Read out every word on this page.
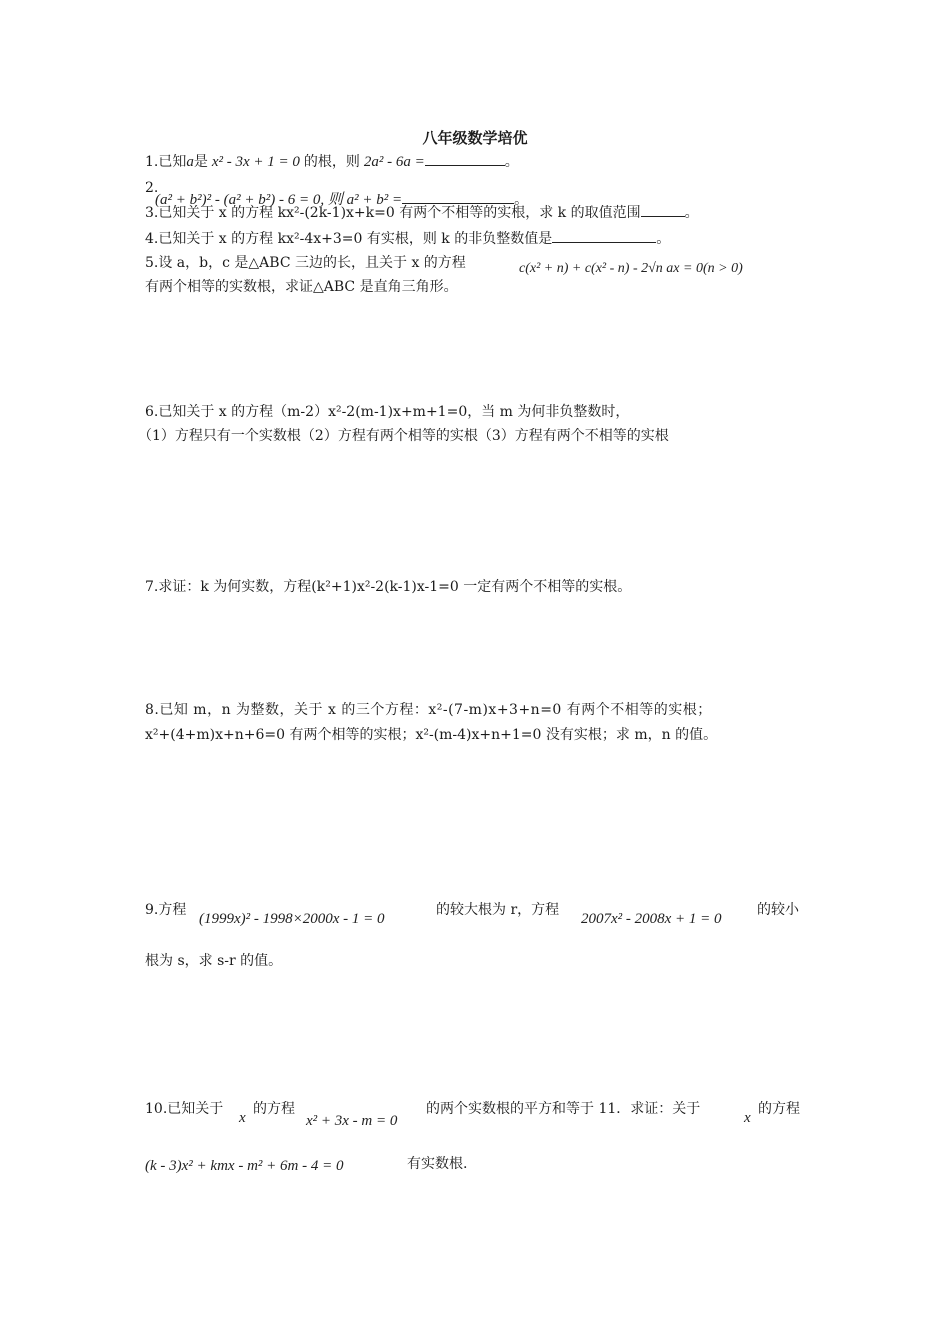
八年级数学培优
1.已知a是 x² - 3x + 1 = 0 的根，则 2a² - 6a =	。
2.
(a² + b²)² - (a² + b²) - 6 = 0, 则 a² + b² =	。
3.已知关于 x 的方程 kx²-(2k-1)x+k=0 有两个不相等的实根，求 k 的取值范围	。
4.已知关于 x 的方程 kx²-4x+3=0 有实根，则 k 的非负整数值是	。
5.设 a，b，c 是△ABC 三边的长，且关于 x 的方程	c(x² + n) + c(x² - n) - 2√n ax = 0(n > 0)
有两个相等的实数根，求证△ABC 是直角三角形。
6.已知关于 x 的方程（m-2）x²-2(m-1)x+m+1=0，当 m 为何非负整数时，
（1）方程只有一个实数根（2）方程有两个相等的实根（3）方程有两个不相等的实根
7.求证：k 为何实数，方程(k²+1)x²-2(k-1)x-1=0 一定有两个不相等的实根。
8.已知 m，n 为整数，关于 x 的三个方程：x²-(7-m)x+3+n=0 有两个不相等的实根；
x²+(4+m)x+n+6=0 有两个相等的实根；x²-(m-4)x+n+1=0 没有实根；求 m，n 的值。
9.方程
(1999x)² - 1998×2000x - 1 = 0
的较大根为 r，方程
2007x² - 2008x + 1 = 0
的较小
根为 s，求 s-r 的值。
10.已知关于
x
的方程
x² + 3x - m = 0
的两个实数根的平方和等于 11．求证：关于
x
的方程
(k - 3)x² + kmx - m² + 6m - 4 = 0	有实数根.
